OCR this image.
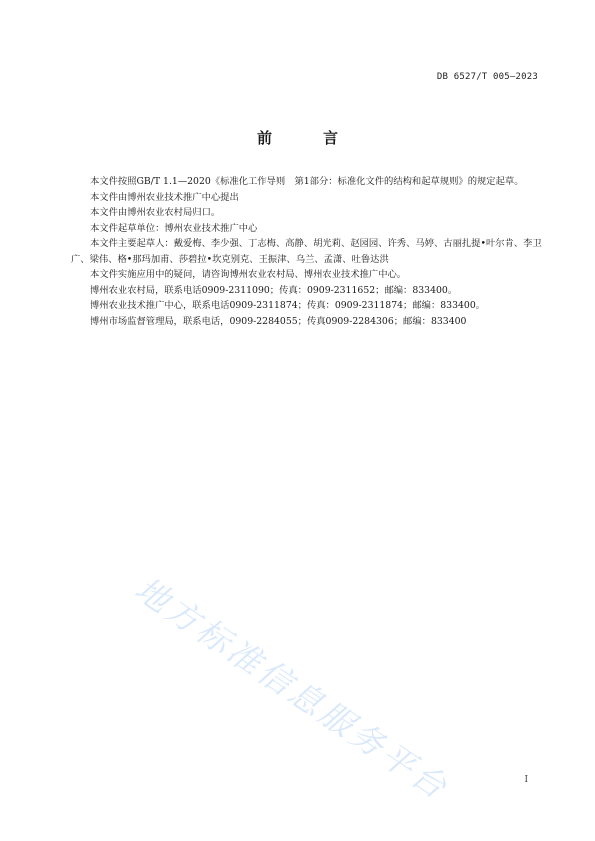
DB 6527/T 005—2023
前　言

本文件按照GB/T 1.1—2020《标准化工作导则　第1部分：标准化文件的结构和起草规则》的规定起草。

本文件由博州农业技术推广中心提出

本文件由博州农业农村局归口。

本文件起草单位：博州农业技术推广中心

本文件主要起草人：戴爱梅、李少强、丁志梅、高静、胡光莉、赵园园、许秀、马婷、古丽扎提•叶尔肯、李卫广、梁伟、格•那玛加甫、莎碧拉•坎克别克、王振津、乌兰、孟潇、吐鲁达洪

本文件实施应用中的疑问，请咨询博州农业农村局、博州农业技术推广中心。

博州农业农村局，联系电话0909-2311090；传真：0909-2311652；邮编：833400。

博州农业技术推广中心，联系电话0909-2311874；传真：0909-2311874；邮编：833400。

博州市场监督管理局，联系电话，0909-2284055；传真0909-2284306；邮编：833400

地方标准信息服务平台	I
